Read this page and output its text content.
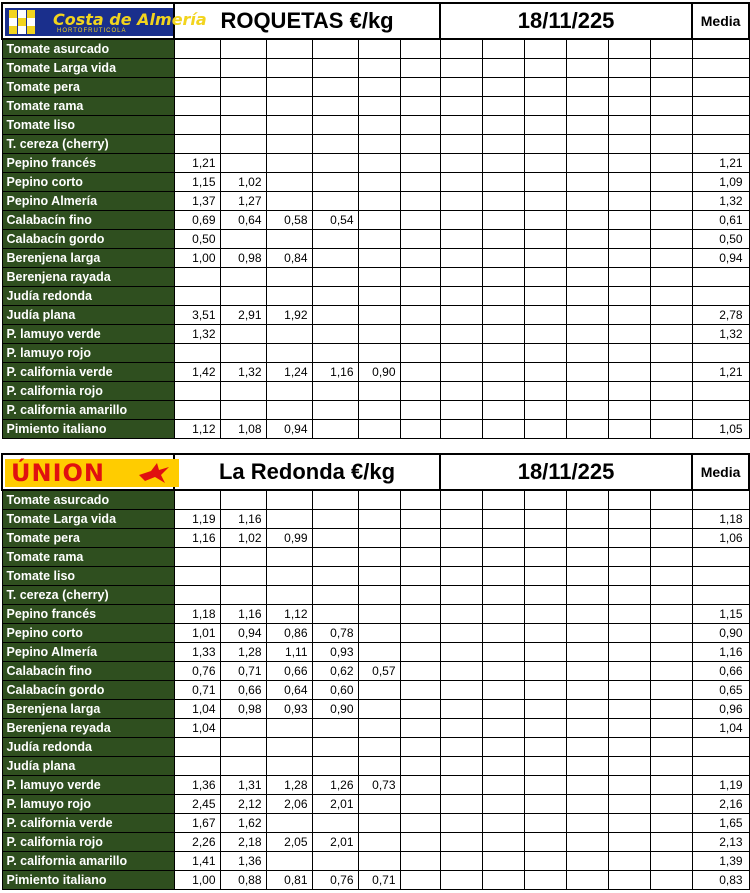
Costa de Almería
HORTOFRUTICOLA	ROQUETAS €/kg						18/11/225						Media
Tomate asurcado													
Tomate Larga vida													
Tomate pera													
Tomate rama													
Tomate liso													
T. cereza (cherry)													
Pepino francés	1,21												1,21
Pepino corto	1,15	1,02											1,09
Pepino Almería	1,37	1,27											1,32
Calabacín fino	0,69	0,64	0,58	0,54									0,61
Calabacín gordo	0,50												0,50
Berenjena larga	1,00	0,98	0,84										0,94
Berenjena rayada													
Judía redonda													
Judía plana	3,51	2,91	1,92										2,78
P. lamuyo verde	1,32												1,32
P. lamuyo rojo													
P. california verde	1,42	1,32	1,24	1,16	0,90								1,21
P. california rojo													
P. california amarillo													
Pimiento italiano	1,12	1,08	0,94										1,05
ÚNION	La Redonda €/kg						18/11/225						Media
Tomate asurcado													
Tomate Larga vida	1,19	1,16											1,18
Tomate pera	1,16	1,02	0,99										1,06
Tomate rama													
Tomate liso													
T. cereza (cherry)													
Pepino francés	1,18	1,16	1,12										1,15
Pepino corto	1,01	0,94	0,86	0,78									0,90
Pepino Almería	1,33	1,28	1,11	0,93									1,16
Calabacín fino	0,76	0,71	0,66	0,62	0,57								0,66
Calabacín gordo	0,71	0,66	0,64	0,60									0,65
Berenjena larga	1,04	0,98	0,93	0,90									0,96
Berenjena reyada	1,04												1,04
Judía redonda													
Judía plana													
P. lamuyo verde	1,36	1,31	1,28	1,26	0,73								1,19
P. lamuyo rojo	2,45	2,12	2,06	2,01									2,16
P. california verde	1,67	1,62											1,65
P. california rojo	2,26	2,18	2,05	2,01									2,13
P. california amarillo	1,41	1,36											1,39
Pimiento italiano	1,00	0,88	0,81	0,76	0,71								0,83
